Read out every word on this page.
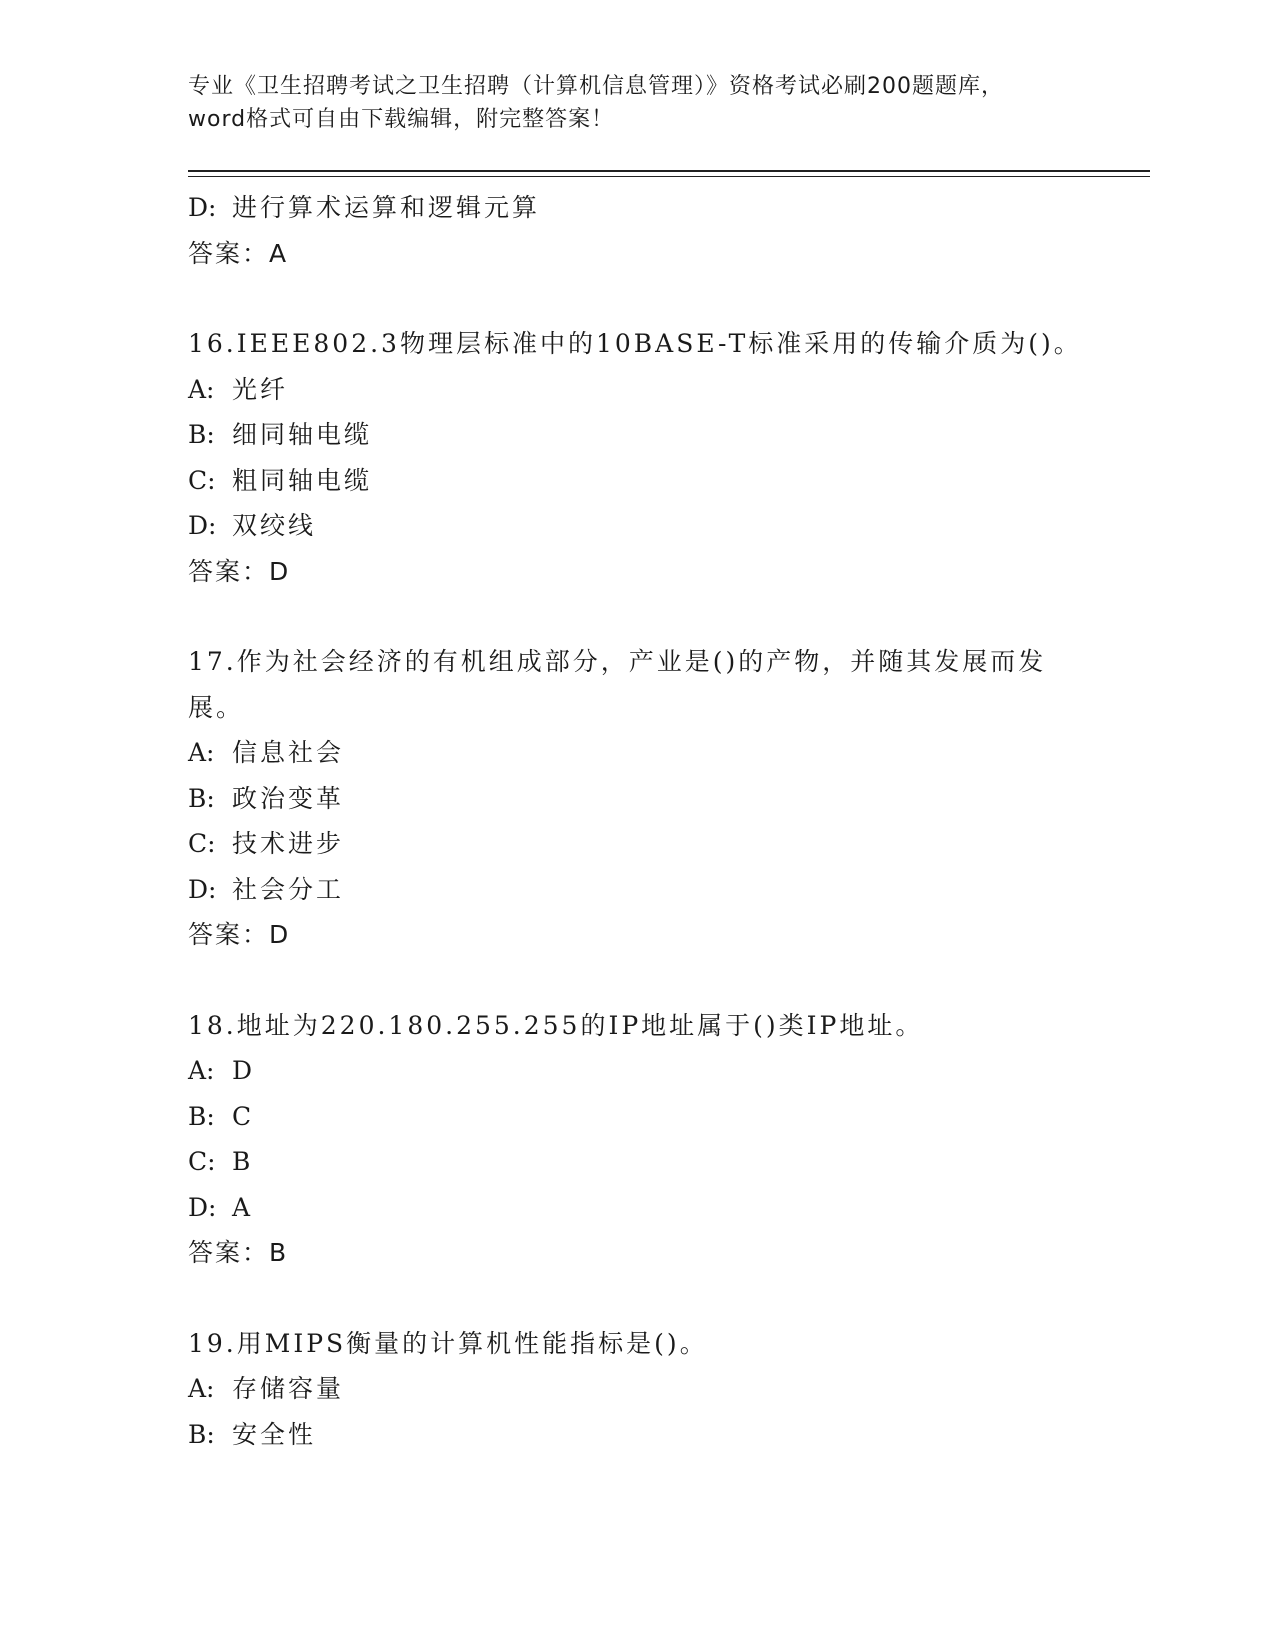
专业《卫生招聘考试之卫生招聘（计算机信息管理）》资格考试必刷200题题库，
word格式可自由下载编辑，附完整答案！
D: 进行算术运算和逻辑元算
答案：A
16.IEEE802.3物理层标准中的10BASE-T标准采用的传输介质为()。
A: 光纤
B: 细同轴电缆
C: 粗同轴电缆
D: 双绞线
答案：D
17.作为社会经济的有机组成部分，产业是()的产物，并随其发展而发展。
A: 信息社会
B: 政治变革
C: 技术进步
D: 社会分工
答案：D
18.地址为220.180.255.255的IP地址属于()类IP地址。
A: D
B: C
C: B
D: A
答案：B
19.用MIPS衡量的计算机性能指标是()。
A: 存储容量
B: 安全性
